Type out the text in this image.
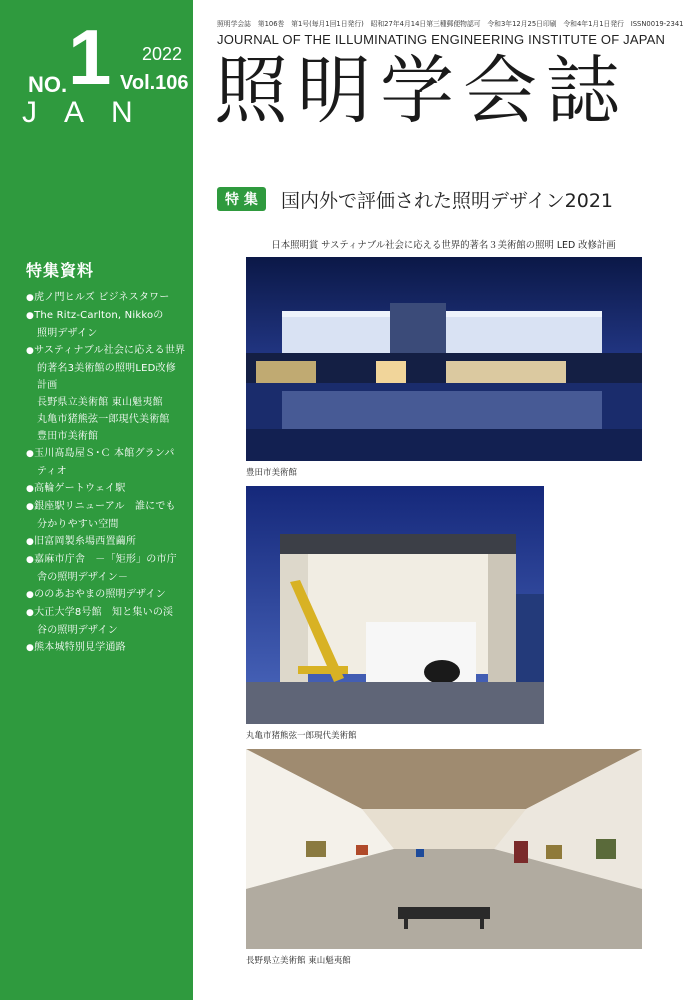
NO. 1 2022
Vol.106
JAN
特集資料
● 虎ノ門ヒルズ ビジネスタワー
● The Ritz-Carlton, Nikkoの
照明デザイン
● サスティナブル社会に応える世界
的著名3美術館の照明LED改修
計画
長野県立美術館 東山魁夷館
丸亀市猪熊弦一郎現代美術館
豊田市美術館
● 玉川髙島屋Ｓ･Ｃ 本館グランパ
ティオ
● 高輪ゲートウェイ駅
● 銀座駅リニューアル　誰にでも
分かりやすい空間
● 旧富岡製糸場西置繭所
● 嘉麻市庁舎　－「矩形」の市庁
舎の照明デザイン－
● ののあおやまの照明デザイン
● 大正大学8号館　知と集いの渓
谷の照明デザイン
● 熊本城特別見学通路
照明学会誌　第106巻　第1号(毎月1回1日発行)　昭和27年4月14日第三種郵便物認可　令和3年12月25日印刷　令和4年1月1日発行　ISSN0019-2341
JOURNAL OF THE ILLUMINATING ENGINEERING INSTITUTE OF JAPAN
照明学会誌
特 集	国内外で評価された照明デザイン2021
日本照明賞 サスティナブル社会に応える世界的著名３美術館の照明 LED 改修計画
豊田市美術館
丸亀市猪熊弦一郎現代美術館
長野県立美術館 東山魁夷館
